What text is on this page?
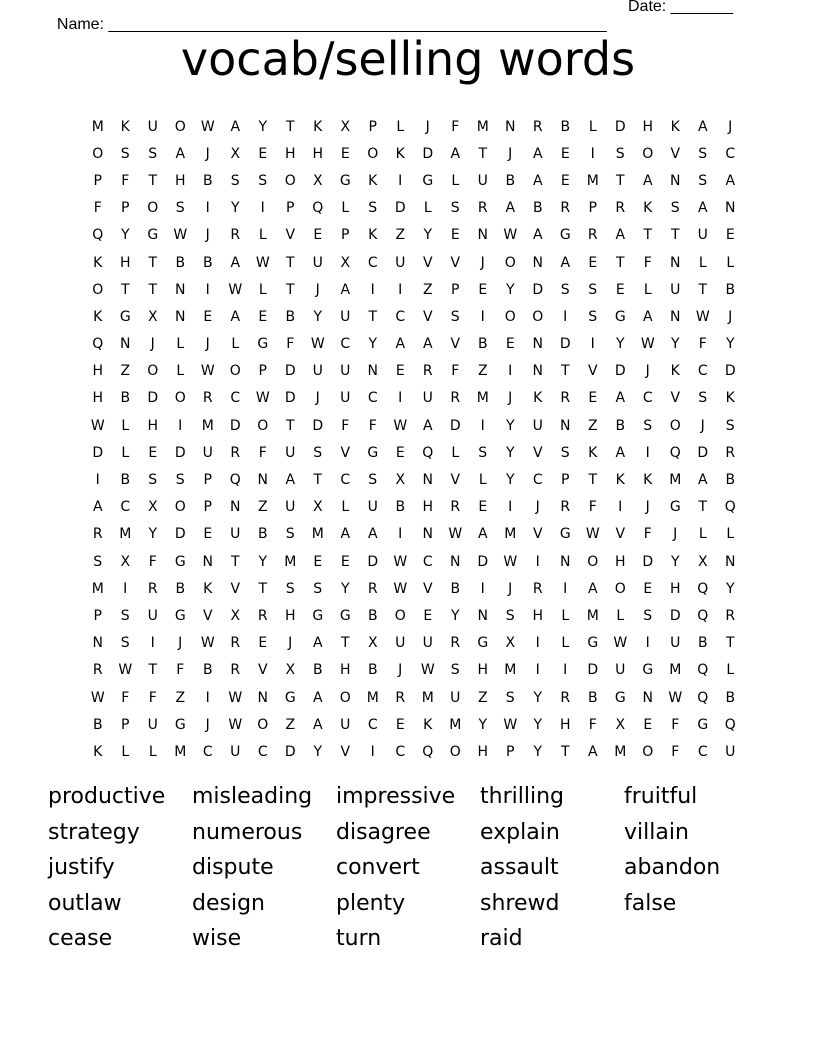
Name: ________________________________________________________

Date: _______

vocab/selling words
M	K	U	O	W	A	Y	T	K	X	P	L	J	F	M	N	R	B	L	D	H	K	A	J
O	S	S	A	J	X	E	H	H	E	O	K	D	A	T	J	A	E	I	S	O	V	S	C
P	F	T	H	B	S	S	O	X	G	K	I	G	L	U	B	A	E	M	T	A	N	S	A
F	P	O	S	I	Y	I	P	Q	L	S	D	L	S	R	A	B	R	P	R	K	S	A	N
Q	Y	G	W	J	R	L	V	E	P	K	Z	Y	E	N	W	A	G	R	A	T	T	U	E
K	H	T	B	B	A	W	T	U	X	C	U	V	V	J	O	N	A	E	T	F	N	L	L
O	T	T	N	I	W	L	T	J	A	I	I	Z	P	E	Y	D	S	S	E	L	U	T	B
K	G	X	N	E	A	E	B	Y	U	T	C	V	S	I	O	O	I	S	G	A	N	W	J
Q	N	J	L	J	L	G	F	W	C	Y	A	A	V	B	E	N	D	I	Y	W	Y	F	Y
H	Z	O	L	W	O	P	D	U	U	N	E	R	F	Z	I	N	T	V	D	J	K	C	D
H	B	D	O	R	C	W	D	J	U	C	I	U	R	M	J	K	R	E	A	C	V	S	K
W	L	H	I	M	D	O	T	D	F	F	W	A	D	I	Y	U	N	Z	B	S	O	J	S
D	L	E	D	U	R	F	U	S	V	G	E	Q	L	S	Y	V	S	K	A	I	Q	D	R
I	B	S	S	P	Q	N	A	T	C	S	X	N	V	L	Y	C	P	T	K	K	M	A	B
A	C	X	O	P	N	Z	U	X	L	U	B	H	R	E	I	J	R	F	I	J	G	T	Q
R	M	Y	D	E	U	B	S	M	A	A	I	N	W	A	M	V	G	W	V	F	J	L	L
S	X	F	G	N	T	Y	M	E	E	D	W	C	N	D	W	I	N	O	H	D	Y	X	N
M	I	R	B	K	V	T	S	S	Y	R	W	V	B	I	J	R	I	A	O	E	H	Q	Y
P	S	U	G	V	X	R	H	G	G	B	O	E	Y	N	S	H	L	M	L	S	D	Q	R
N	S	I	J	W	R	E	J	A	T	X	U	U	R	G	X	I	L	G	W	I	U	B	T
R	W	T	F	B	R	V	X	B	H	B	J	W	S	H	M	I	I	D	U	G	M	Q	L
W	F	F	Z	I	W	N	G	A	O	M	R	M	U	Z	S	Y	R	B	G	N	W	Q	B
B	P	U	G	J	W	O	Z	A	U	C	E	K	M	Y	W	Y	H	F	X	E	F	G	Q
K	L	L	M	C	U	C	D	Y	V	I	C	Q	O	H	P	Y	T	A	M	O	F	C	U
productive	misleading	impressive	thrilling	fruitful
strategy	numerous	disagree	explain	villain
justify	dispute	convert	assault	abandon
outlaw	design	plenty	shrewd	false
cease	wise	turn	raid
